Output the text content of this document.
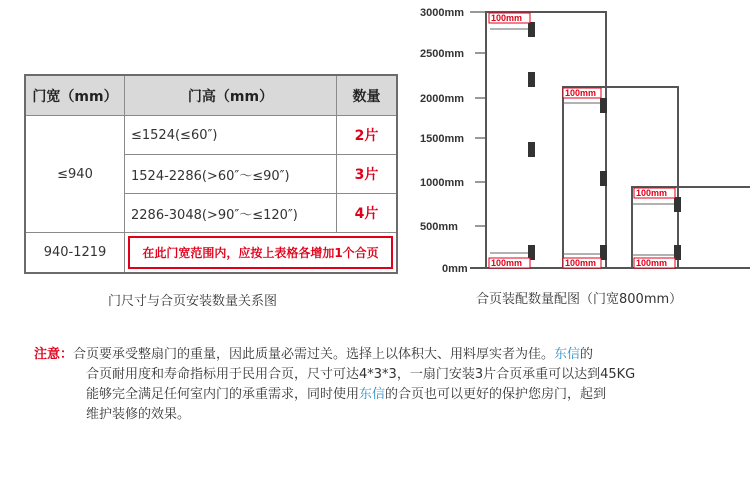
门宽（mm）	门高（mm）	数量
≤940
≤1524(≤60″)	2片
1524-2286(>60″～≤90″)	3片
2286-3048(>90″～≤120″)	4片
940-1219	在此门宽范围内，应按上表格各增加1个合页
门尺寸与合页安装数量关系图
3000mm
2500mm
2000mm
1500mm
1000mm
500mm
0mm
100mm
100mm
100mm
100mm
100mm
100mm
合页装配数量配图（门宽800mm）
注意：合页要承受整扇门的重量，因此质量必需过关。选择上以体积大、用料厚实者为佳。东信的
合页耐用度和寿命指标用于民用合页，尺寸可达4*3*3，一扇门安装3片合页承重可以达到45KG
能够完全满足任何室内门的承重需求，同时使用东信的合页也可以更好的保护您房门，起到
维护装修的效果。
